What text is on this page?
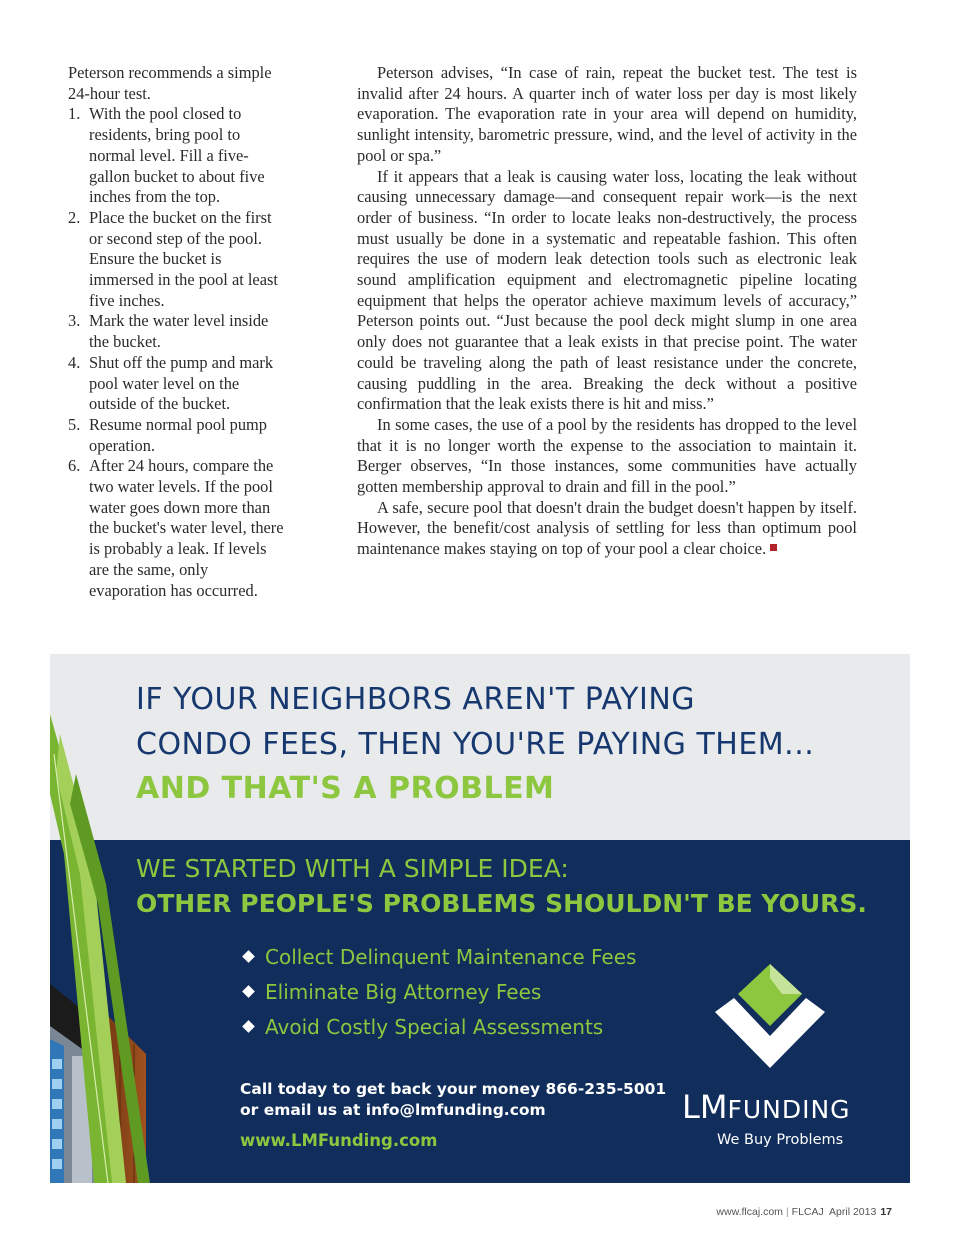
Peterson recommends a simple 24-hour test.

1. With the pool closed to residents, bring pool to normal level. Fill a five-gallon bucket to about five inches from the top.
2. Place the bucket on the first or second step of the pool. Ensure the bucket is immersed in the pool at least five inches.
3. Mark the water level inside the bucket.
4. Shut off the pump and mark pool water level on the outside of the bucket.
5. Resume normal pool pump operation.
6. After 24 hours, compare the two water levels. If the pool water goes down more than the bucket's water level, there is probably a leak. If levels are the same, only evaporation has occurred.

Peterson advises, “In case of rain, repeat the bucket test. The test is invalid after 24 hours. A quarter inch of water loss per day is most likely evaporation. The evaporation rate in your area will depend on humidity, sunlight intensity, barometric pressure, wind, and the level of activity in the pool or spa.”

If it appears that a leak is causing water loss, locating the leak without causing unnecessary damage—and consequent repair work—is the next order of business. “In order to locate leaks non-destructively, the process must usually be done in a systematic and repeatable fashion. This often requires the use of modern leak detection tools such as electronic leak sound amplification equipment and electromagnetic pipeline locating equipment that helps the operator achieve maximum levels of accuracy,” Peterson points out. “Just because the pool deck might slump in one area only does not guarantee that a leak exists in that precise point. The water could be traveling along the path of least resistance under the concrete, causing puddling in the area. Breaking the deck without a positive confirmation that the leak exists there is hit and miss.”

In some cases, the use of a pool by the residents has dropped to the level that it is no longer worth the expense to the association to maintain it. Berger observes, “In those instances, some communities have actually gotten membership approval to drain and fill in the pool.”

A safe, secure pool that doesn't drain the budget doesn't happen by itself. However, the benefit/cost analysis of settling for less than optimum pool maintenance makes staying on top of your pool a clear choice.

IF YOUR NEIGHBORS AREN'T PAYING
CONDO FEES, THEN YOU'RE PAYING THEM...
AND THAT'S A PROBLEM
WE STARTED WITH A SIMPLE IDEA:
OTHER PEOPLE'S PROBLEMS SHOULDN'T BE YOURS.
Collect Delinquent Maintenance Fees
Eliminate Big Attorney Fees
Avoid Costly Special Assessments
Call today to get back your money 866-235-5001
or email us at info@lmfunding.com
www.LMFunding.com
LMFUNDING
We Buy Problems
www.flcaj.com | FLCAJ April 2013 17
